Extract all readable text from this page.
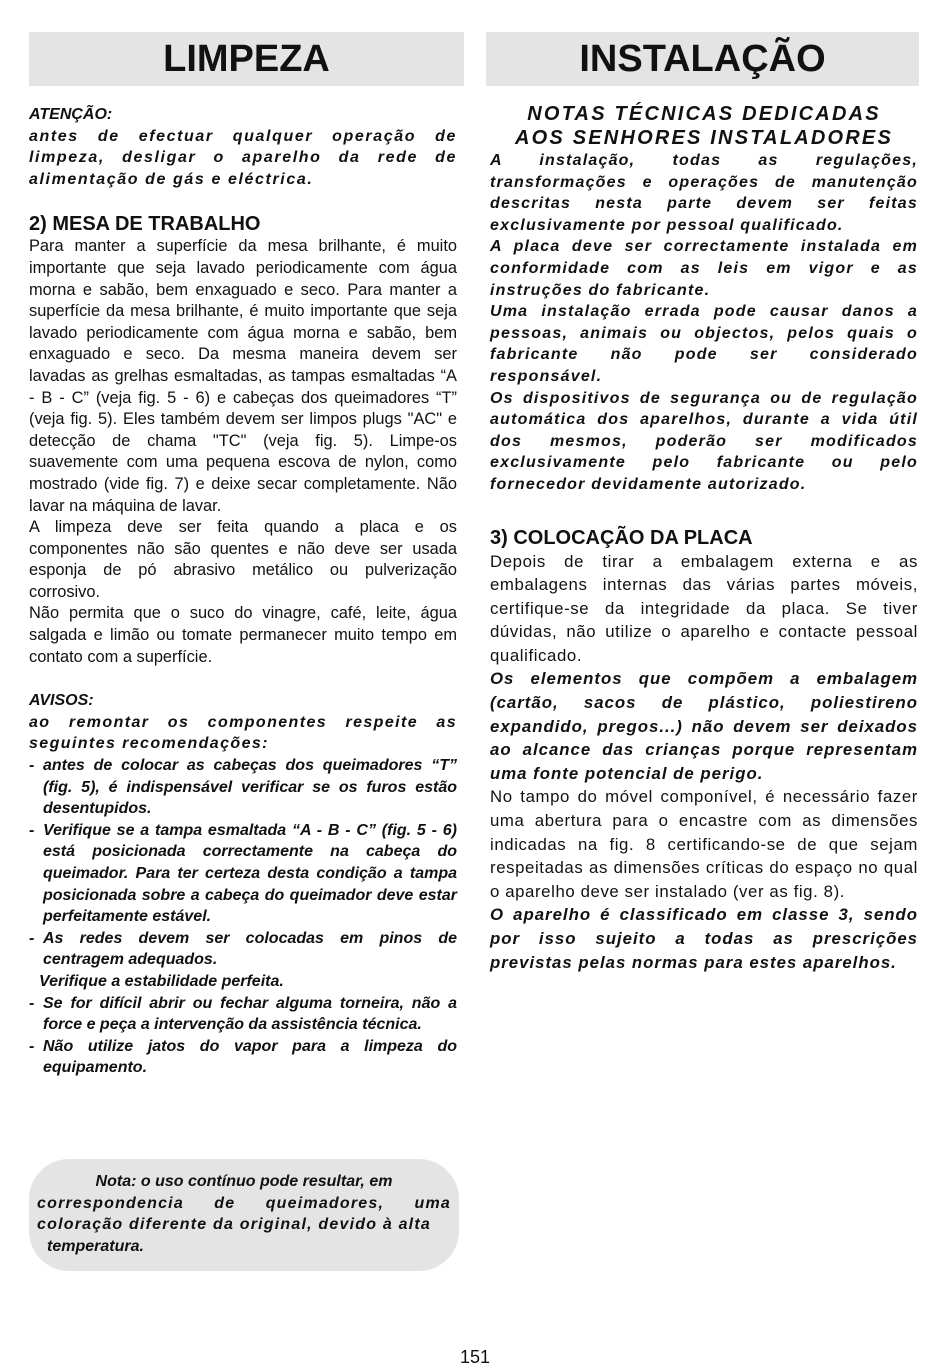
LIMPEZA

ATENÇÃO:

antes de efectuar qualquer operação de limpeza, desligar o aparelho da rede de alimentação de gás e eléctrica.

2) MESA DE TRABALHO

Para manter a superfície da mesa brilhante, é muito importante que seja lavado periodicamente com água morna e sabão, bem enxaguado e seco. Para manter a superfície da mesa brilhante, é muito importante que seja lavado periodicamente com água morna e sabão, bem enxaguado e seco. Da mesma maneira devem ser lavadas as grelhas esmaltadas, as tampas esmaltadas “A - B - C” (veja fig. 5 - 6) e cabeças dos queimadores “T” (veja fig. 5). Eles também devem ser limpos plugs "AC" e detecção de chama "TC" (veja fig. 5). Limpe-os suavemente com uma pequena escova de nylon, como mostrado (vide fig. 7) e deixe secar completamente. Não lavar na máquina de lavar.

A limpeza deve ser feita quando a placa e os componentes não são quentes e não deve ser usada esponja de pó abrasivo metálico ou pulverização corrosivo.

Não permita que o suco do vinagre, café, leite, água salgada e limão ou tomate permanecer muito tempo em contato com a superfície.

AVISOS:

ao remontar os componentes respeite as seguintes recomendações:

- antes de colocar as cabeças dos queimadores “T” (fig. 5), é indispensável verificar se os furos estão desentupidos.
- Verifique se a tampa esmaltada “A - B - C” (fig. 5 - 6) está posicionada correctamente na cabeça do queimador. Para ter certeza desta condição a tampa posicionada sobre a cabeça do queimador deve estar perfeitamente estável.
- As redes devem ser colocadas em pinos de centragem adequados.

Verifique a estabilidade perfeita.

- Se for difícil abrir ou fechar alguma torneira, não a force e peça a intervenção da assistência técnica.
- Não utilize jatos do vapor para a limpeza do equipamento.

Nota: o uso contínuo pode resultar, em

correspondencia de queimadores, uma coloração diferente da original, devido à alta

temperatura.

INSTALAÇÃO

NOTAS TÉCNICAS DEDICADAS

AOS SENHORES INSTALADORES

A instalação, todas as regulações, transformações e operações de manutenção descritas nesta parte devem ser feitas exclusivamente por pessoal qualificado.

A placa deve ser correctamente instalada em conformidade com as leis em vigor e as instruções do fabricante.

Uma instalação errada pode causar danos a pessoas, animais ou objectos, pelos quais o fabricante não pode ser considerado responsável.

Os dispositivos de segurança ou de regulação automática dos aparelhos, durante a vida útil dos mesmos, poderão ser modificados exclusivamente pelo fabricante ou pelo fornecedor devidamente autorizado.

3) COLOCAÇÃO DA PLACA

Depois de tirar a embalagem externa e as embalagens internas das várias partes móveis, certifique-se da integridade da placa. Se tiver dúvidas, não utilize o aparelho e contacte pessoal qualificado.

Os elementos que compõem a embalagem (cartão, sacos de plástico, poliestireno expandido, pregos...) não devem ser deixados ao alcance das crianças porque representam uma fonte potencial de perigo.

No tampo do móvel componível, é necessário fazer uma abertura para o encastre com as dimensões indicadas na fig. 8 certificando-se de que sejam respeitadas as dimensões críticas do espaço no qual o aparelho deve ser instalado (ver as fig. 8).

O aparelho é classificado em classe 3, sendo por isso sujeito a todas as prescrições previstas pelas normas para estes aparelhos.

151
